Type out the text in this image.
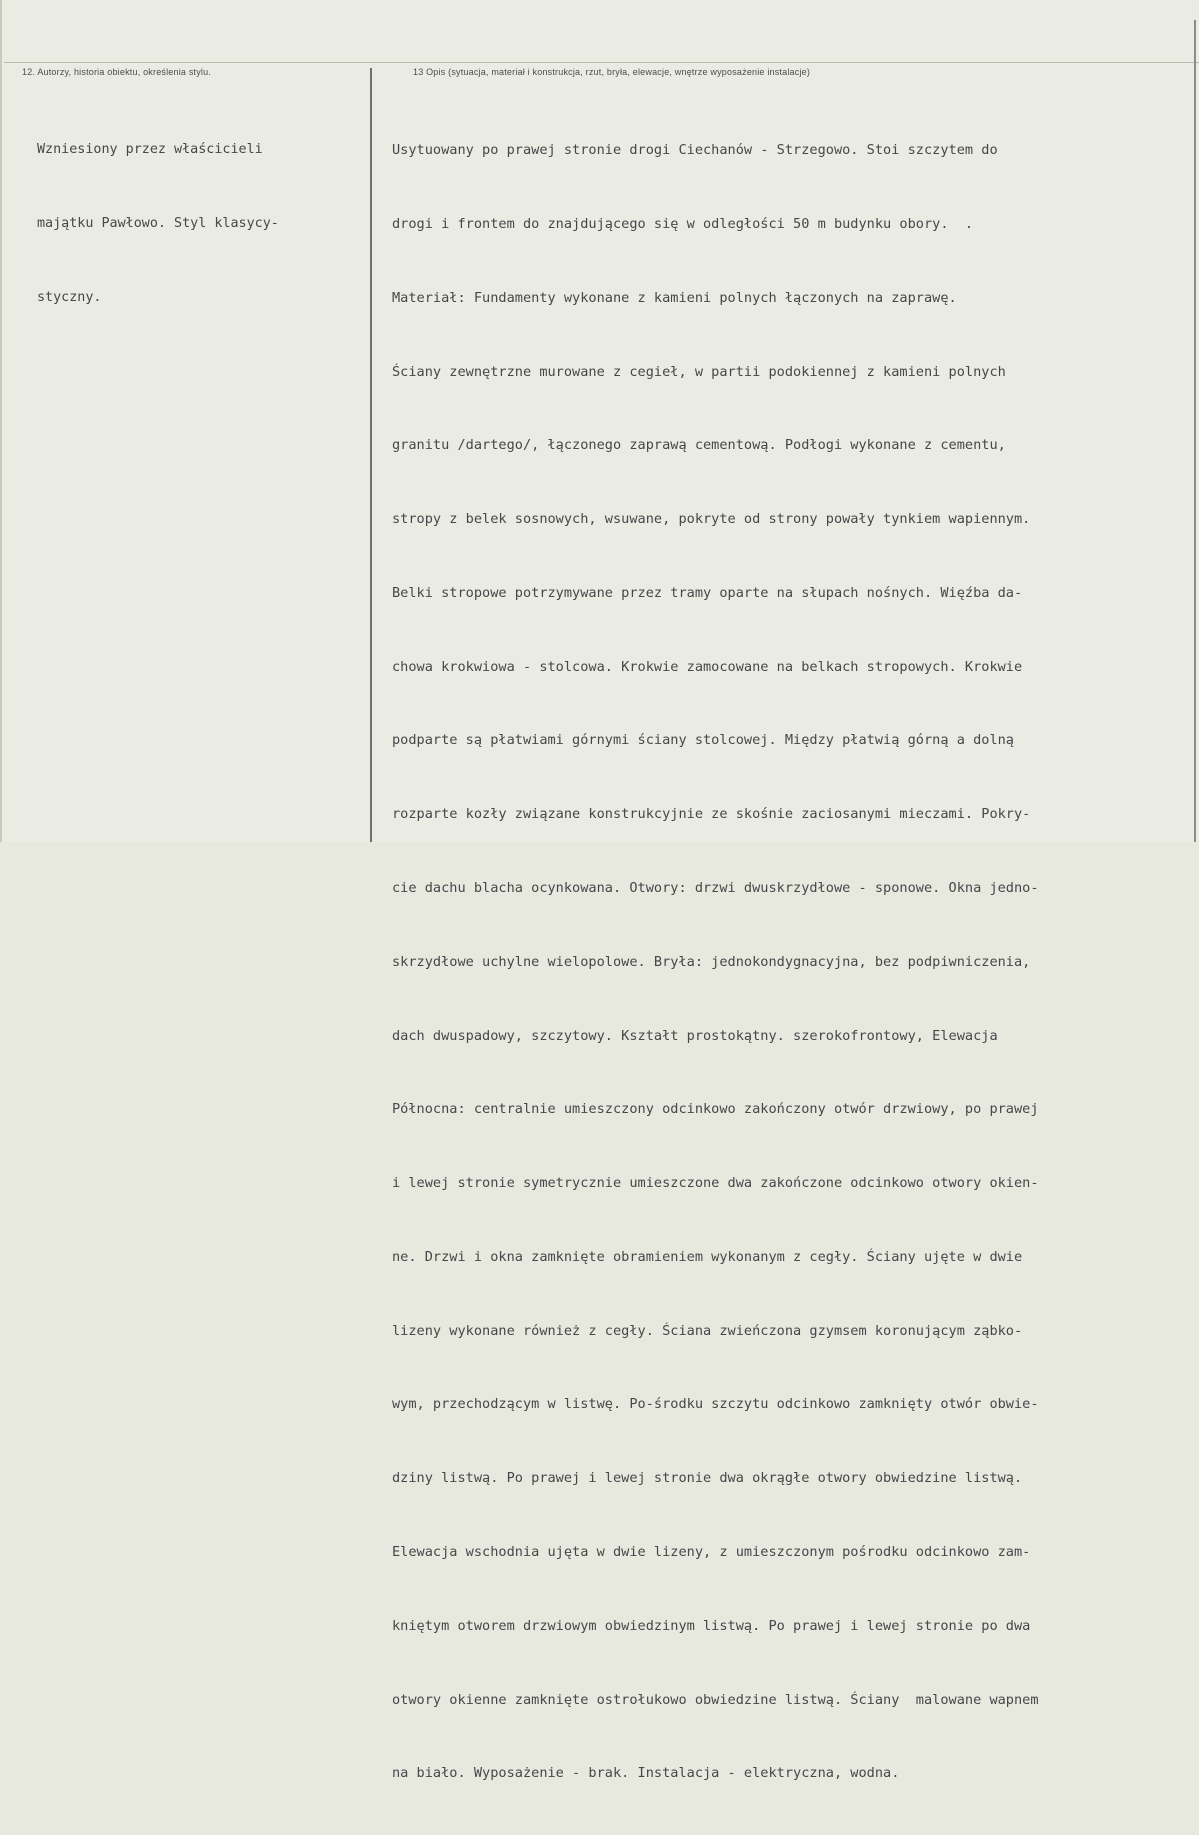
12. Autorzy, historia obiektu, określenia stylu.	13 Opis (sytuacja, materiał i konstrukcja, rzut, bryła, elewacje, wnętrze wyposażenie instalacje)

Wzniesiony przez właścicieli

majątku Pawłowo. Styl klasycy-

styczny.

Usytuowany po prawej stronie drogi Ciechanów - Strzegowo. Stoi szczytem do

drogi i frontem do znajdującego się w odległości 50 m budynku obory.  .

Materiał: Fundamenty wykonane z kamieni polnych łączonych na zaprawę.

Ściany zewnętrzne murowane z cegieł, w partii podokiennej z kamieni polnych

granitu /dartego/, łączonego zaprawą cementową. Podłogi wykonane z cementu,

stropy z belek sosnowych, wsuwane, pokryte od strony powały tynkiem wapiennym.

Belki stropowe potrzymywane przez tramy oparte na słupach nośnych. Więźba da-

chowa krokwiowa - stolcowa. Krokwie zamocowane na belkach stropowych. Krokwie

podparte są płatwiami górnymi ściany stolcowej. Między płatwią górną a dolną

rozparte kozły związane konstrukcyjnie ze skośnie zaciosanymi mieczami. Pokry-

cie dachu blacha ocynkowana. Otwory: drzwi dwuskrzydłowe - sponowe. Okna jedno-

skrzydłowe uchylne wielopolowe. Bryła: jednokondygnacyjna, bez podpiwniczenia,

dach dwuspadowy, szczytowy. Kształt prostokątny. szerokofrontowy, Elewacja

Północna: centralnie umieszczony odcinkowo zakończony otwór drzwiowy, po prawej

i lewej stronie symetrycznie umieszczone dwa zakończone odcinkowo otwory okien-

ne. Drzwi i okna zamknięte obramieniem wykonanym z cegły. Ściany ujęte w dwie

lizeny wykonane również z cegły. Ściana zwieńczona gzymsem koronującym ząbko-

wym, przechodzącym w listwę. Po-środku szczytu odcinkowo zamknięty otwór obwie-

dziny listwą. Po prawej i lewej stronie dwa okrągłe otwory obwiedzine listwą.

Elewacja wschodnia ujęta w dwie lizeny, z umieszczonym pośrodku odcinkowo zam-

kniętym otworem drzwiowym obwiedzinym listwą. Po prawej i lewej stronie po dwa

otwory okienne zamknięte ostrołukowo obwiedzine listwą. Ściany  malowane wapnem

na biało. Wyposażenie - brak. Instalacja - elektryczna, wodna.
